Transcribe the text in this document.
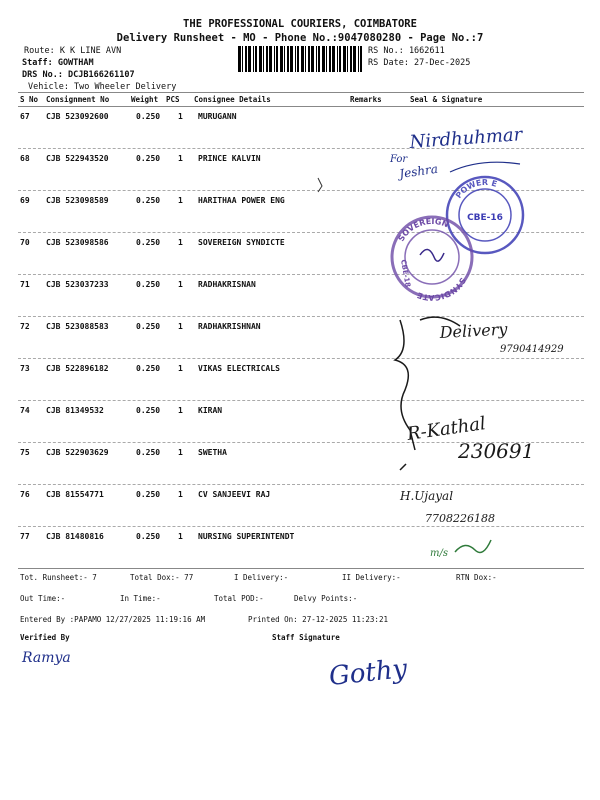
THE PROFESSIONAL COURIERS, COIMBATORE
Delivery Runsheet - MO - Phone No.:9047080280 - Page No.:7
Route: K K LINE AVN
Staff: GOWTHAM
DRS No.: DCJB166261107
Vehicle: Two Wheeler Delivery
RS No.: 1662611
RS Date: 27-Dec-2025
S No Consignment No	Weight PCS Consignee Details	Remarks	Seal & Signature
67 CJB 523092600	0.250 1 MURUGANN
68 CJB 522943520	0.250 1 PRINCE KALVIN
69 CJB 523098589	0.250 1 HARITHAA POWER ENG
70 CJB 523098586	0.250 1 SOVEREIGN SYNDICTE
71 CJB 523037233	0.250 1 RADHAKRISNAN
72 CJB 523088583	0.250 1 RADHAKRISHNAN
73 CJB 522896182	0.250 1 VIKAS ELECTRICALS
74 CJB 81349532	0.250 1 KIRAN
75 CJB 522903629	0.250 1 SWETHA
76 CJB 81554771	0.250 1 CV SANJEEVI RAJ
77 CJB 81480816	0.250 1 NURSING SUPERINTENDT
POWER E
CBE-16
SOVEREIGN
SYNDICATE
CBE-18
Nirdhuhmar
For
Jeshra
Delivery
9790414929
R-Kathal
230691
H.Ujayal
7708226188
m/s
Ramya	Gothy
Tot. Runsheet:- 7	Total Dox:- 77	I Delivery:-	II Delivery:-	RTN Dox:-
Out Time:-	In Time:-	Total POD:-	Delvy Points:-
Entered By :PAPAMO 12/27/2025 11:19:16 AM	Printed On: 27-12-2025 11:23:21
Verified By	Staff Signature
